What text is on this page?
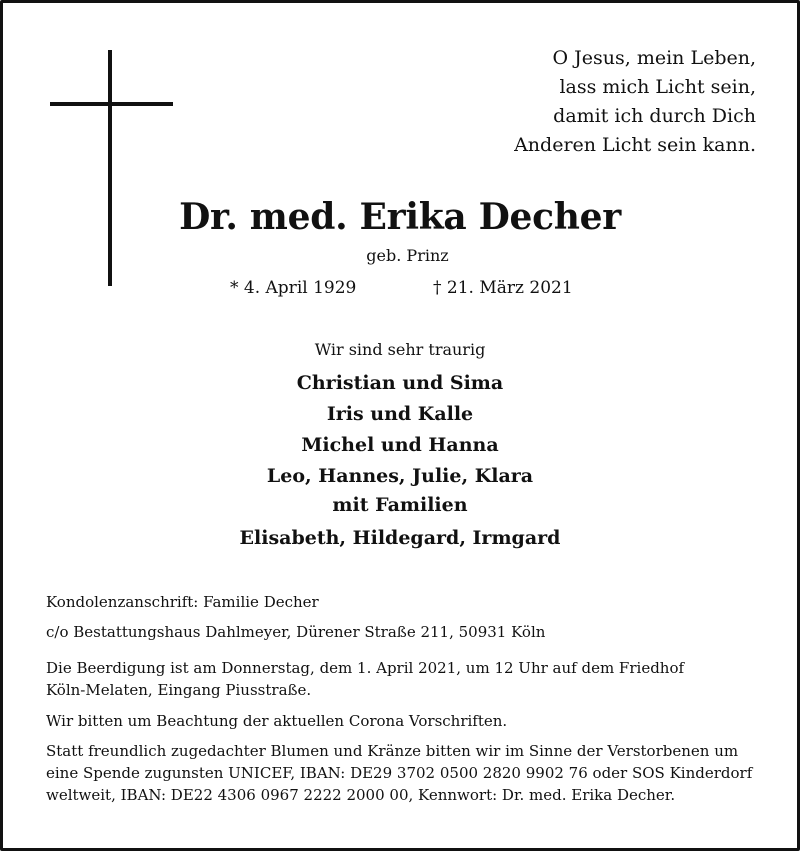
O Jesus, mein Leben,
lass mich Licht sein,
damit ich durch Dich
Anderen Licht sein kann.
Dr. med. Erika Decher
geb. Prinz
* 4. April 1929	† 21. März 2021
Wir sind sehr traurig
Christian und Sima
Iris und Kalle
Michel und Hanna
Leo, Hannes, Julie, Klara
mit Familien
Elisabeth, Hildegard, Irmgard

Kondolenzanschrift: Familie Decher

c/o Bestattungshaus Dahlmeyer, Dürener Straße 211, 50931 Köln

Die Beerdigung ist am Donnerstag, dem 1. April 2021, um 12 Uhr auf dem Friedhof

Köln-Melaten, Eingang Piusstraße.

Wir bitten um Beachtung der aktuellen Corona Vorschriften.

Statt freundlich zugedachter Blumen und Kränze bitten wir im Sinne der Verstorbenen um

eine Spende zugunsten UNICEF, IBAN: DE29 3702 0500 2820 9902 76 oder SOS Kinderdorf

weltweit, IBAN: DE22 4306 0967 2222 2000 00, Kennwort: Dr. med. Erika Decher.
